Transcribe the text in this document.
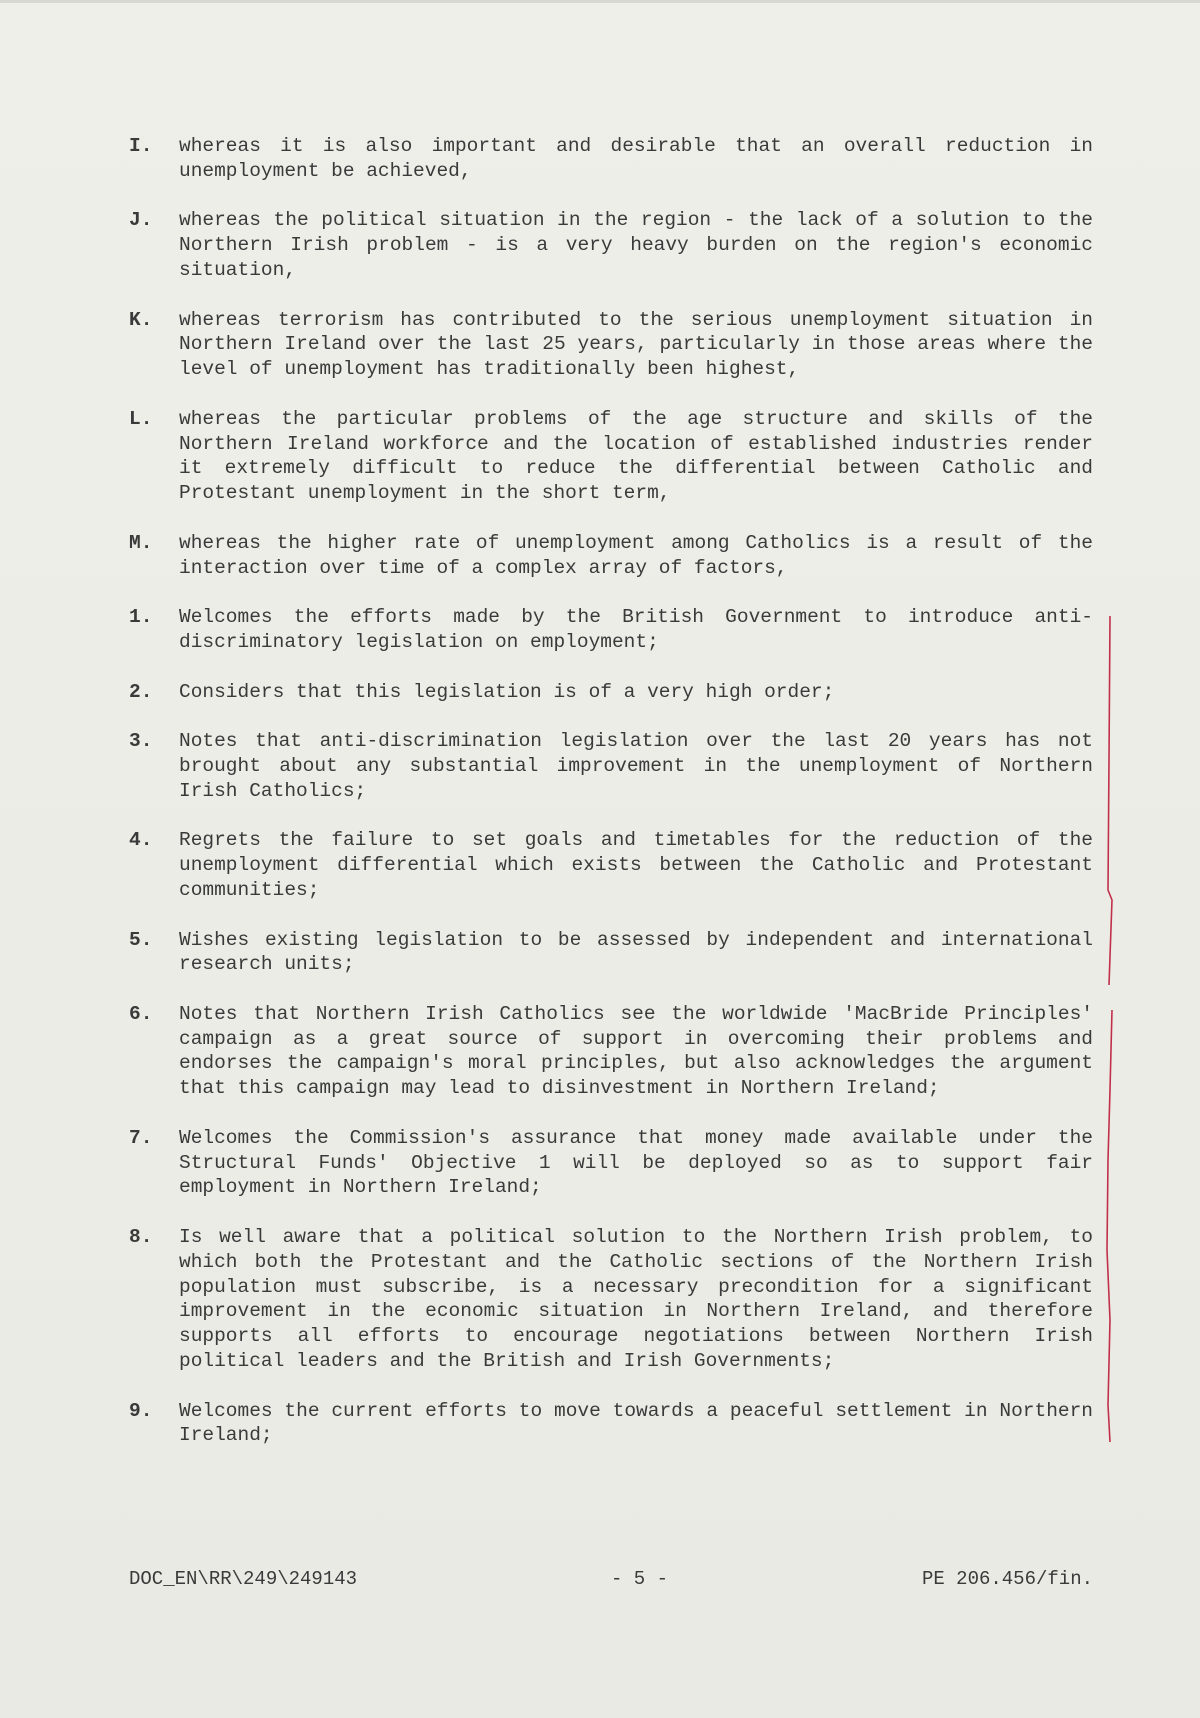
I.	whereas it is also important and desirable that an overall reduction in unemployment be achieved,
J.	whereas the political situation in the region - the lack of a solution to the Northern Irish problem - is a very heavy burden on the region's economic situation,
K.	whereas terrorism has contributed to the serious unemployment situation in Northern Ireland over the last 25 years, particularly in those areas where the level of unemployment has traditionally been highest,
L.	whereas the particular problems of the age structure and skills of the Northern Ireland workforce and the location of established industries render it extremely difficult to reduce the differential between Catholic and Protestant unemployment in the short term,
M.	whereas the higher rate of unemployment among Catholics is a result of the interaction over time of a complex array of factors,
1.	Welcomes the efforts made by the British Government to introduce anti-discriminatory legislation on employment;
2.	Considers that this legislation is of a very high order;
3.	Notes that anti-discrimination legislation over the last 20 years has not brought about any substantial improvement in the unemployment of Northern Irish Catholics;
4.	Regrets the failure to set goals and timetables for the reduction of the unemployment differential which exists between the Catholic and Protestant communities;
5.	Wishes existing legislation to be assessed by independent and international research units;
6.	Notes that Northern Irish Catholics see the worldwide 'MacBride Principles' campaign as a great source of support in overcoming their problems and endorses the campaign's moral principles, but also acknowledges the argument that this campaign may lead to disinvestment in Northern Ireland;
7.	Welcomes the Commission's assurance that money made available under the Structural Funds' Objective 1 will be deployed so as to support fair employment in Northern Ireland;
8.	Is well aware that a political solution to the Northern Irish problem, to which both the Protestant and the Catholic sections of the Northern Irish population must subscribe, is a necessary precondition for a significant improvement in the economic situation in Northern Ireland, and therefore supports all efforts to encourage negotiations between Northern Irish political leaders and the British and Irish Governments;
9.	Welcomes the current efforts to move towards a peaceful settlement in Northern Ireland;
DOC_EN\RR\249\249143	- 5 -	PE 206.456/fin.
